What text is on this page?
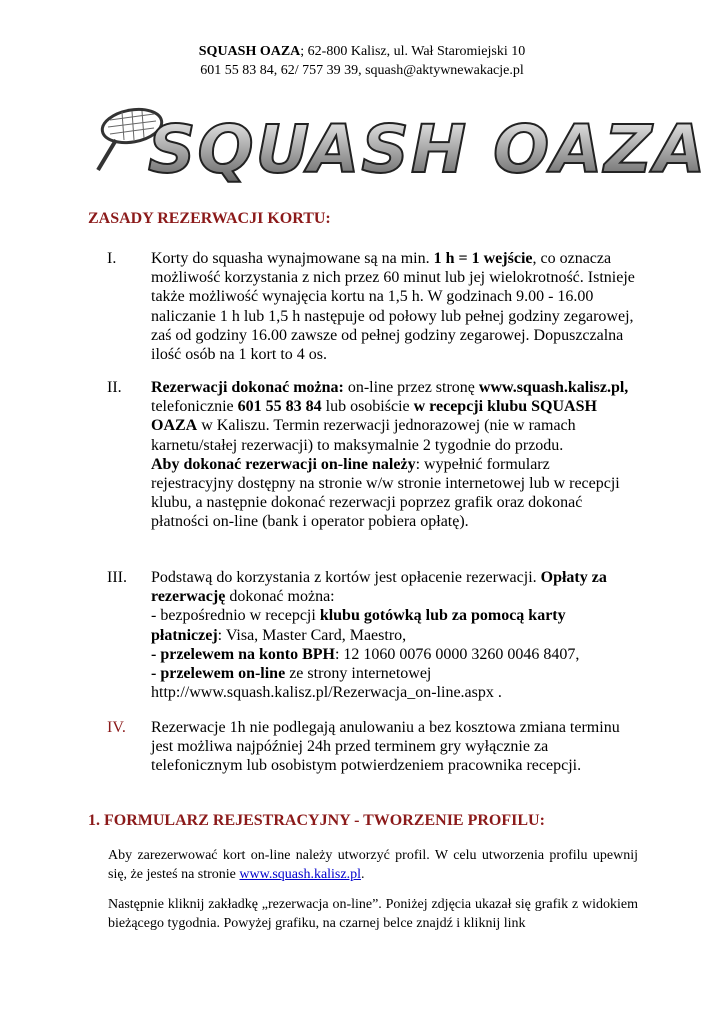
SQUASH OAZA; 62-800 Kalisz, ul. Wał Staromiejski 10
601 55 83 84, 62/ 757 39 39, squash@aktywnewakacje.pl
SQUASH OAZA
ZASADY REZERWACJI KORTU:
I. Korty do squasha wynajmowane są na min. 1 h = 1 wejście, co oznacza możliwość korzystania z nich przez 60 minut lub jej wielokrotność. Istnieje także możliwość wynajęcia kortu na 1,5 h. W godzinach 9.00 - 16.00 naliczanie 1 h lub 1,5 h następuje od połowy lub pełnej godziny zegarowej, zaś od godziny 16.00 zawsze od pełnej godziny zegarowej. Dopuszczalna ilość osób na 1 kort to 4 os.
II. Rezerwacji dokonać można: on-line przez stronę www.squash.kalisz.pl, telefonicznie 601 55 83 84 lub osobiście w recepcji klubu SQUASH OAZA w Kaliszu. Termin rezerwacji jednorazowej (nie w ramach karnetu/stałej rezerwacji) to maksymalnie 2 tygodnie do przodu.
Aby dokonać rezerwacji on-line należy: wypełnić formularz rejestracyjny dostępny na stronie w/w stronie internetowej lub w recepcji klubu, a następnie dokonać rezerwacji poprzez grafik oraz dokonać płatności on-line (bank i operator pobiera opłatę).
III. Podstawą do korzystania z kortów jest opłacenie rezerwacji. Opłaty za rezerwację dokonać można:
- bezpośrednio w recepcji klubu gotówką lub za pomocą karty płatniczej: Visa, Master Card, Maestro,
- przelewem na konto BPH: 12 1060 0076 0000 3260 0046 8407,
- przelewem on-line ze strony internetowej
http://www.squash.kalisz.pl/Rezerwacja_on-line.aspx .
IV. Rezerwacje 1h nie podlegają anulowaniu a bez kosztowa zmiana terminu jest możliwa najpóźniej 24h przed terminem gry wyłącznie za telefonicznym lub osobistym potwierdzeniem pracownika recepcji.
1. FORMULARZ REJESTRACYJNY - TWORZENIE PROFILU:
Aby zarezerwować kort on-line należy utworzyć profil. W celu utworzenia profilu upewnij się, że jesteś na stronie www.squash.kalisz.pl.
Następnie kliknij zakładkę „rezerwacja on-line”. Poniżej zdjęcia ukazał się grafik z widokiem bieżącego tygodnia. Powyżej grafiku, na czarnej belce znajdź i kliknij link
